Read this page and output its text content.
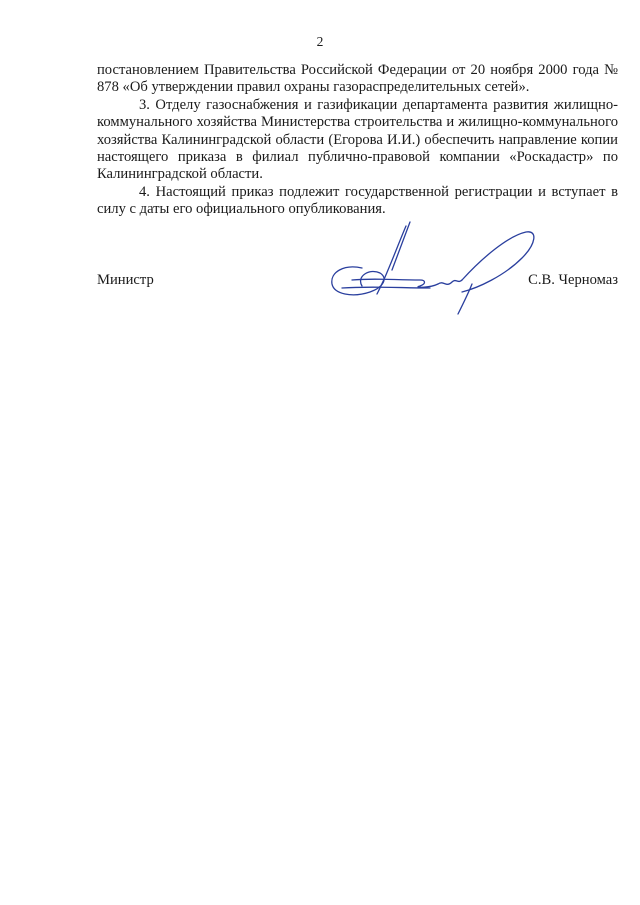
2

постановлением Правительства Российской Федерации от 20 ноября 2000 года № 878 «Об утверждении правил охраны газораспределительных сетей».

3. Отделу газоснабжения и газификации департамента развития жилищно-коммунального хозяйства Министерства строительства и жилищно-коммунального хозяйства Калининградской области (Егорова И.И.) обеспечить направление копии настоящего приказа в филиал публично-правовой компании «Роскадастр» по Калининградской области.

4. Настоящий приказ подлежит государственной регистрации и вступает в силу с даты его официального опубликования.

Министр	С.В. Черномаз
